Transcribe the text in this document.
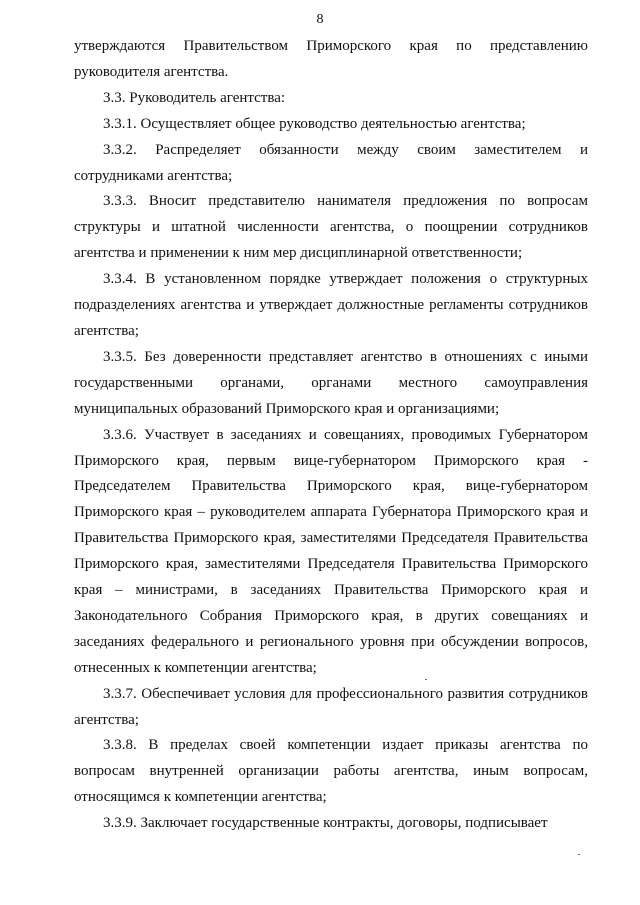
8

утверждаются Правительством Приморского края по представлению руководителя агентства.

3.3. Руководитель агентства:

3.3.1. Осуществляет общее руководство деятельностью агентства;

3.3.2. Распределяет обязанности между своим заместителем и сотрудниками агентства;

3.3.3. Вносит представителю нанимателя предложения по вопросам структуры и штатной численности агентства, о поощрении сотрудников агентства и применении к ним мер дисциплинарной ответственности;

3.3.4. В установленном порядке утверждает положения о структурных подразделениях агентства и утверждает должностные регламенты сотрудников агентства;

3.3.5. Без доверенности представляет агентство в отношениях с иными государственными органами, органами местного самоуправления муниципальных образований Приморского края и организациями;

3.3.6. Участвует в заседаниях и совещаниях, проводимых Губернатором Приморского края, первым вице-губернатором Приморского края - Председателем Правительства Приморского края, вице-губернатором Приморского края – руководителем аппарата Губернатора Приморского края и Правительства Приморского края, заместителями Председателя Правительства Приморского края, заместителями Председателя Правительства Приморского края – министрами, в заседаниях Правительства Приморского края и Законодательного Собрания Приморского края, в других совещаниях и заседаниях федерального и регионального уровня при обсуждении вопросов, отнесенных к компетенции агентства;

3.3.7. Обеспечивает условия для профессионального развития сотрудников агентства;

3.3.8. В пределах своей компетенции издает приказы агентства по вопросам внутренней организации работы агентства, иным вопросам, относящимся к компетенции агентства;

3.3.9. Заключает государственные контракты, договоры, подписывает
